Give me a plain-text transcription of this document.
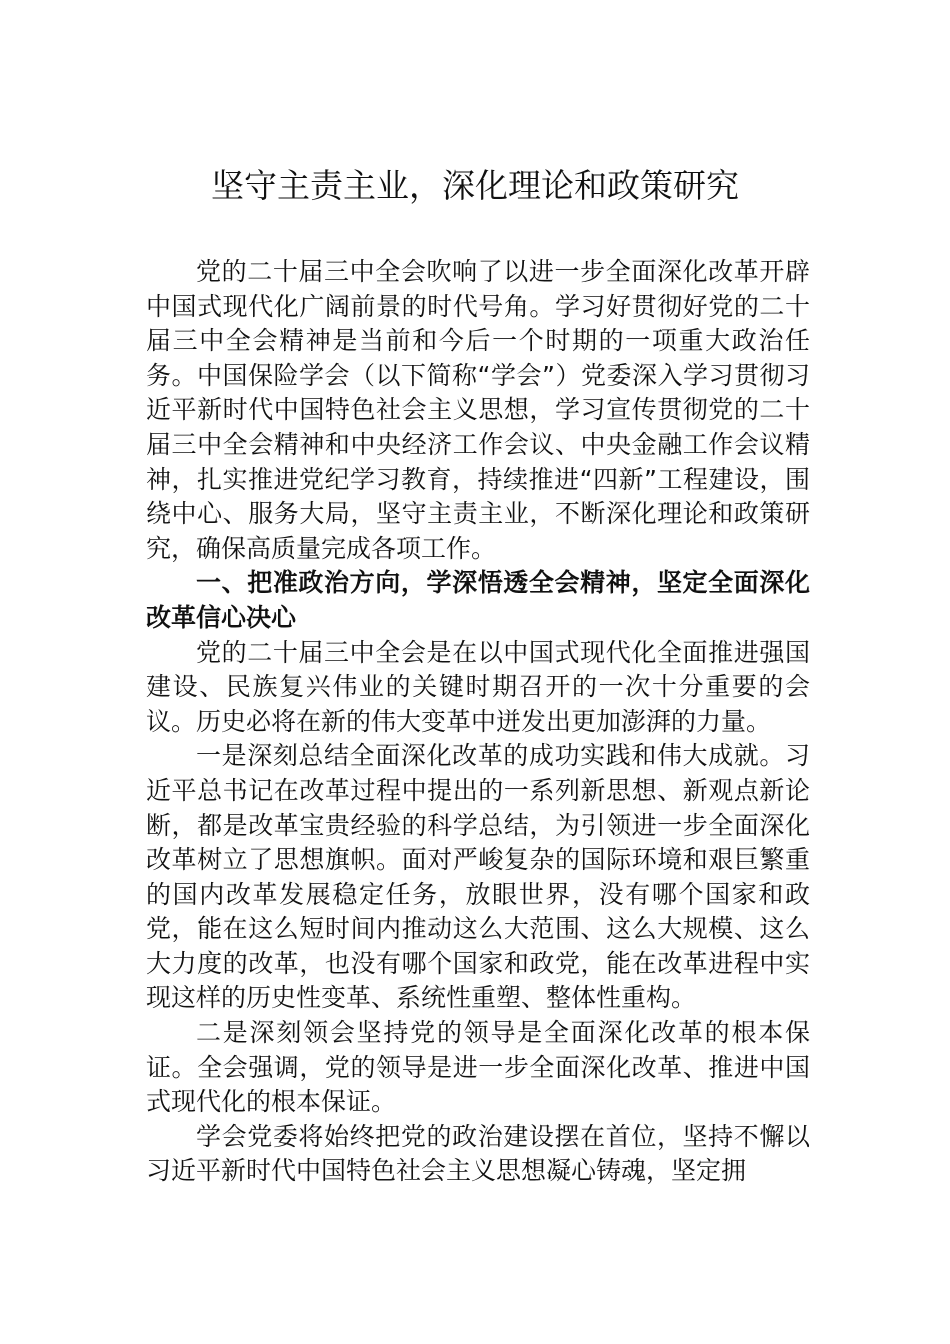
坚守主责主业，深化理论和政策研究

党的二十届三中全会吹响了以进一步全面深化改革开辟中国式现代化广阔前景的时代号角。学习好贯彻好党的二十届三中全会精神是当前和今后一个时期的一项重大政治任务。中国保险学会（以下简称“学会”）党委深入学习贯彻习近平新时代中国特色社会主义思想，学习宣传贯彻党的二十届三中全会精神和中央经济工作会议、中央金融工作会议精神，扎实推进党纪学习教育，持续推进“四新”工程建设，围绕中心、服务大局，坚守主责主业，不断深化理论和政策研究，确保高质量完成各项工作。

一、把准政治方向，学深悟透全会精神，坚定全面深化改革信心决心

党的二十届三中全会是在以中国式现代化全面推进强国建设、民族复兴伟业的关键时期召开的一次十分重要的会议。历史必将在新的伟大变革中迸发出更加澎湃的力量。

一是深刻总结全面深化改革的成功实践和伟大成就。习近平总书记在改革过程中提出的一系列新思想、新观点新论断，都是改革宝贵经验的科学总结，为引领进一步全面深化改革树立了思想旗帜。面对严峻复杂的国际环境和艰巨繁重的国内改革发展稳定任务，放眼世界，没有哪个国家和政党，能在这么短时间内推动这么大范围、这么大规模、这么大力度的改革，也没有哪个国家和政党，能在改革进程中实现这样的历史性变革、系统性重塑、整体性重构。

二是深刻领会坚持党的领导是全面深化改革的根本保证。全会强调，党的领导是进一步全面深化改革、推进中国式现代化的根本保证。

学会党委将始终把党的政治建设摆在首位，坚持不懈以习近平新时代中国特色社会主义思想凝心铸魂，坚定拥
